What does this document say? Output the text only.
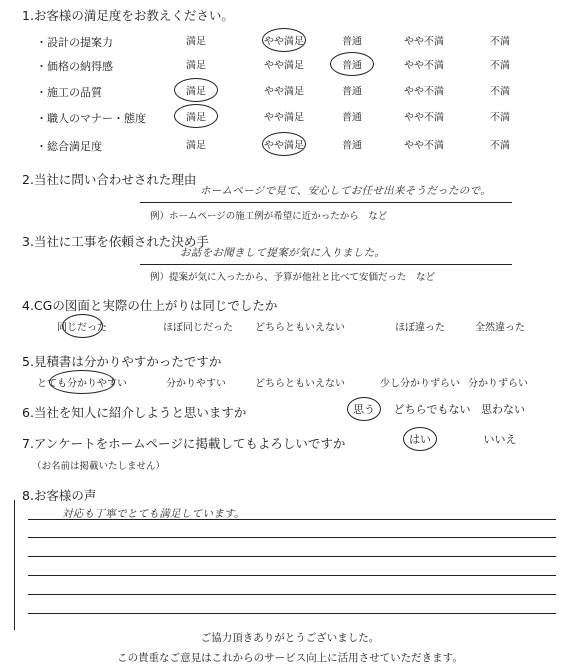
1.お客様の満足度をお教えください。
・設計の提案力	満足	やや満足	普通	やや不満	不満
・価格の納得感	満足	やや満足	普通	やや不満	不満
・施工の品質	満足	やや満足	普通	やや不満	不満
・職人のマナー・態度	満足	やや満足	普通	やや不満	不満
・総合満足度	満足	やや満足	普通	やや不満	不満
2.当社に問い合わせされた理由
ホームページで見て、安心してお任せ出来そうだったので。
例）ホームページの施工例が希望に近かったから　など
3.当社に工事を依頼された決め手
お話をお聞きして提案が気に入りました。
例）提案が気に入ったから、予算が他社と比べて安価だった　など
4.CGの図面と実際の仕上がりは同じでしたか
同じだった	ほぼ同じだった どちらともいえない	ほぼ違った	全然違った
5.見積書は分かりやすかったですか
とても分かりやすい	分かりやすい	どちらともいえない	少し分かりずらい 分かりずらい
6.当社を知人に紹介しようと思いますか	思う どちらでもない 思わない
7.アンケートをホームページに掲載してもよろしいですか
（お名前は掲載いたしません）
はい	いいえ
8.お客様の声
対応も丁寧でとても満足しています。
ご協力頂きありがとうございました。
この貴重なご意見はこれからのサービス向上に活用させていただきます。
